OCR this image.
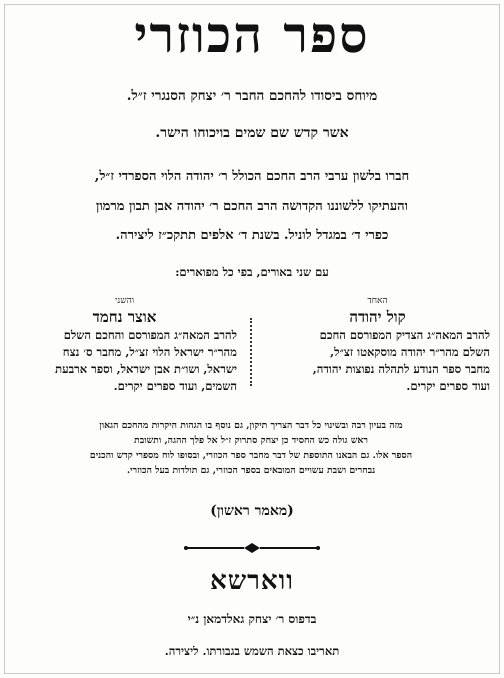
ספר הכוזרי
מיוחס ביסודו להחכם החבר ר׳ יצחק הסנגרי ז״ל.
אשר קדש שם שמים בויכוחו הישר.
חברו בלשון ערבי הרב החכם הכולל ר׳ יהודה הלוי הספרדי ז״ל,
והעתיקו ללשוננו הקדושה הרב החכם ר׳ יהודה אבן תבון מרמון
כפרי ד׳ במגדל לוניל. בשנת ד׳ אלפים תתקכ״ז ליצירה.
עם שני באורים, בפי כל מפוארים:
האחד
קול יהודה
להרב המאה״ג הצדיק המפורסם החכם
השלם מהר״ר יהודה מוסקאטו זצ״ל,
מחבר ספר הנודע לתהלה נפוצות יהודה,
ועוד ספרים יקרים.
והשני
אוצר נחמד
להרב המאה״ג המפורסם והחכם השלם
מהר״ר ישראל הלוי זצ״ל, מחבר ס׳ נצח
ישראל, ושו״ת אבן ישראל, וספר ארבעת
השמים, ועוד ספרים יקרים.
מזה בעיון רבה ובשינוי כל דבר הצריך תיקון, גם נוסף בו הגהות היקרות מהחכם הגאון
ראש גולה כש החסיד כן יצחק סתרוק ז״ל אל פלך ההגה, ותשובת
הספר אלו. גם הבאנו התוספת של דבר מחבר ספר הכוזרי, ובסופו לוח מספרי קדש והכנים
נבחרים ושבת עשויים המובאים בספר הכוזרי, גם תולדות בעל הכוזרי.
(מאמר ראשון)
ווארשא
בדפוס ר׳ יצחק גאלדמאן נ״י
תאריבו כצאת השמש בגבורתו. ליצירה.
